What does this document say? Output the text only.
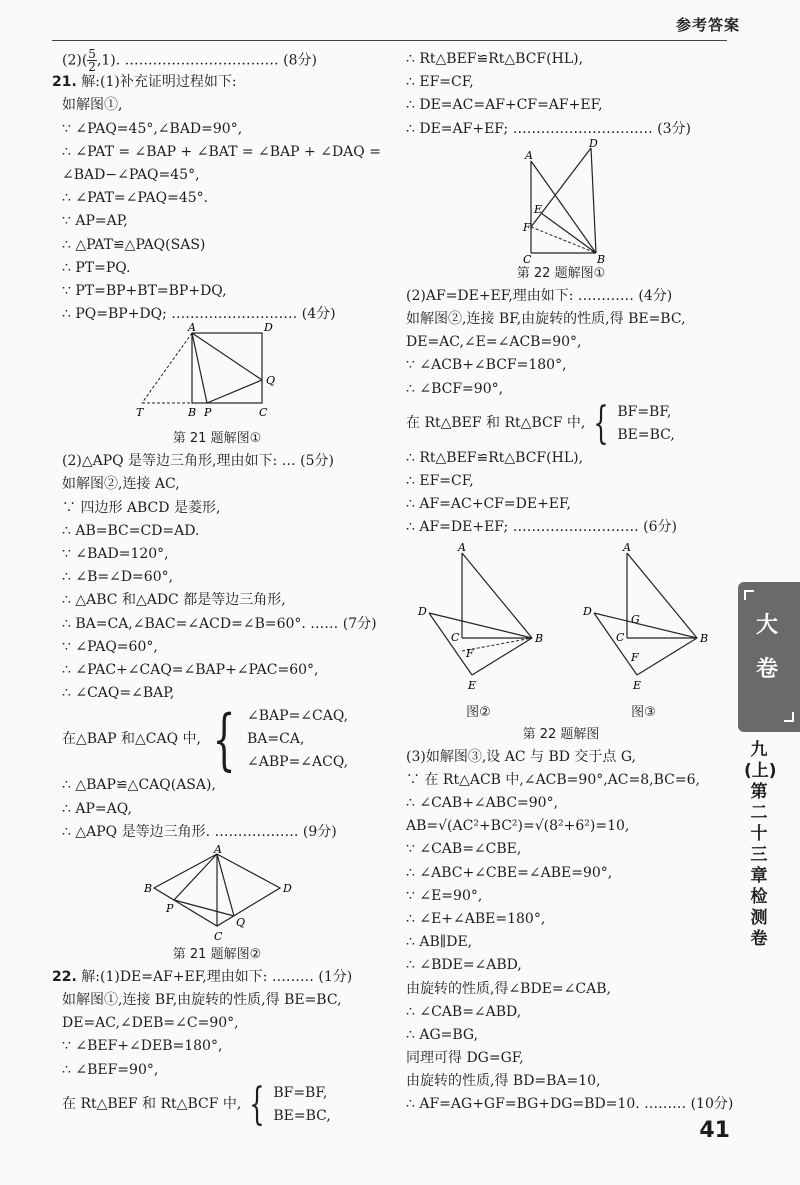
参考答案
$(2)( \frac{5}{2} ,1)$. …………………………… (8分)
21. 解:(1)补充证明过程如下:
如解图①,
∵ ∠PAQ=45°,∠BAD=90°,
∴ ∠PAT = ∠BAP + ∠BAT = ∠BAP + ∠DAQ =
∠BAD−∠PAQ=45°,
∴ ∠PAT=∠PAQ=45°.
∵ AP=AP,
∴ △PAT≌△PAQ(SAS)
∴ PT=PQ.
∵ PT=BP+BT=BP+DQ,
∴ PQ=BP+DQ; ……………………… (4分)
A	D
Q
T	B P	C
第 21 题解图①
(2)△APQ 是等边三角形,理由如下: … (5分)
如解图②,连接 AC,
∵ 四边形 ABCD 是菱形,
∴ AB=BC=CD=AD.
∵ ∠BAD=120°,
∴ ∠B=∠D=60°,
∴ △ABC 和△ADC 都是等边三角形,
∴ BA=CA,∠BAC=∠ACD=∠B=60°. …… (7分)
∵ ∠PAQ=60°,
∴ ∠PAC+∠CAQ=∠BAP+∠PAC=60°,
∴ ∠CAQ=∠BAP,
在△BAP 和△CAQ 中, { ∠BAP=∠CAQ,
BA=CA,
∠ABP=∠ACQ,
∴ △BAP≌△CAQ(ASA),
∴ AP=AQ,
∴ △APQ 是等边三角形. ……………… (9分)
A
B
P
Q
C
D
第 21 题解图②
22. 解:(1)DE=AF+EF,理由如下: ……… (1分)
如解图①,连接 BF,由旋转的性质,得 BE=BC,
DE=AC,∠DEB=∠C=90°,
∵ ∠BEF+∠DEB=180°,
∴ ∠BEF=90°,
在 Rt△BEF 和 Rt△BCF 中, { BF=BF,
BE=BC,
∴ Rt△BEF≌Rt△BCF(HL),
∴ EF=CF,
∴ DE=AC=AF+CF=AF+EF,
∴ DE=AF+EF; ………………………… (3分)
A
D
E
F
C	B
第 22 题解图①
(2)AF=DE+EF,理由如下: ………… (4分)
如解图②,连接 BF,由旋转的性质,得 BE=BC,
DE=AC,∠E=∠ACB=90°,
∵ ∠ACB+∠BCF=180°,
∴ ∠BCF=90°,
在 Rt△BEF 和 Rt△BCF 中, { BF=BF,
BE=BC,
∴ Rt△BEF≌Rt△BCF(HL),
∴ EF=CF,
∴ AF=AC+CF=DE+EF,
∴ AF=DE+EF; ……………………… (6分)
A
D
C
F
B
E
图②
A
D
G
C
F
B
E
图③
第 22 题解图
(3)如解图③,设 AC 与 BD 交于点 G,
∵ 在 Rt△ACB 中,∠ACB=90°,AC=8,BC=6,
∴ ∠CAB+∠ABC=90°,
AB=√(AC²+BC²)=√(8²+6²)=10,
∵ ∠CAB=∠CBE,
∴ ∠ABC+∠CBE=∠ABE=90°,
∵ ∠E=90°,
∴ ∠E+∠ABE=180°,
∴ AB∥DE,
∴ ∠BDE=∠ABD,
由旋转的性质,得∠BDE=∠CAB,
∴ ∠CAB=∠ABD,
∴ AG=BG,
同理可得 DG=GF,
由旋转的性质,得 BD=BA=10,
∴ AF=AG+GF=BG+DG=BD=10. ……… (10分)
大
卷
九(上)第二十三章检测卷
41
